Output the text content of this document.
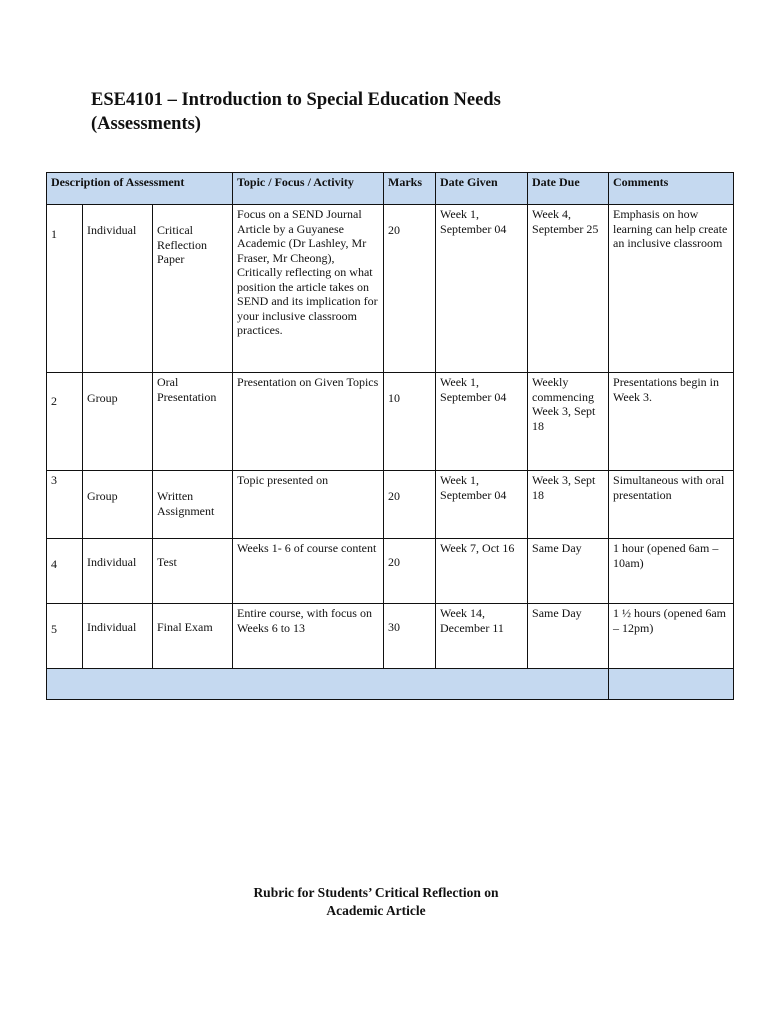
ESE4101 – Introduction to Special Education Needs
(Assessments)
Description of Assessment			Topic / Focus / Activity	Marks	Date Given	Date Due	Comments
1	Individual	Critical Reflection Paper	Focus on a SEND Journal Article by a Guyanese Academic (Dr Lashley, Mr Fraser, Mr Cheong), Critically reflecting on what position the article takes on SEND and its implication for your inclusive classroom practices.	20	Week 1, September 04	Week 4, September 25	Emphasis on how learning can help create an inclusive classroom
2	Group	Oral Presentation	Presentation on Given Topics	10	Week 1, September 04	Weekly commencing Week 3, Sept 18	Presentations begin in Week 3.
3	Group	Written Assignment	Topic presented on	20	Week 1, September 04	Week 3, Sept 18	Simultaneous with oral presentation
4	Individual	Test	Weeks 1- 6 of course content	20	Week 7, Oct 16	Same Day	1 hour (opened 6am – 10am)
5	Individual	Final Exam	Entire course, with focus on Weeks 6 to 13	30	Week 14, December 11	Same Day	1 ½ hours (opened 6am – 12pm)

Rubric for Students’ Critical Reflection on
Academic Article
